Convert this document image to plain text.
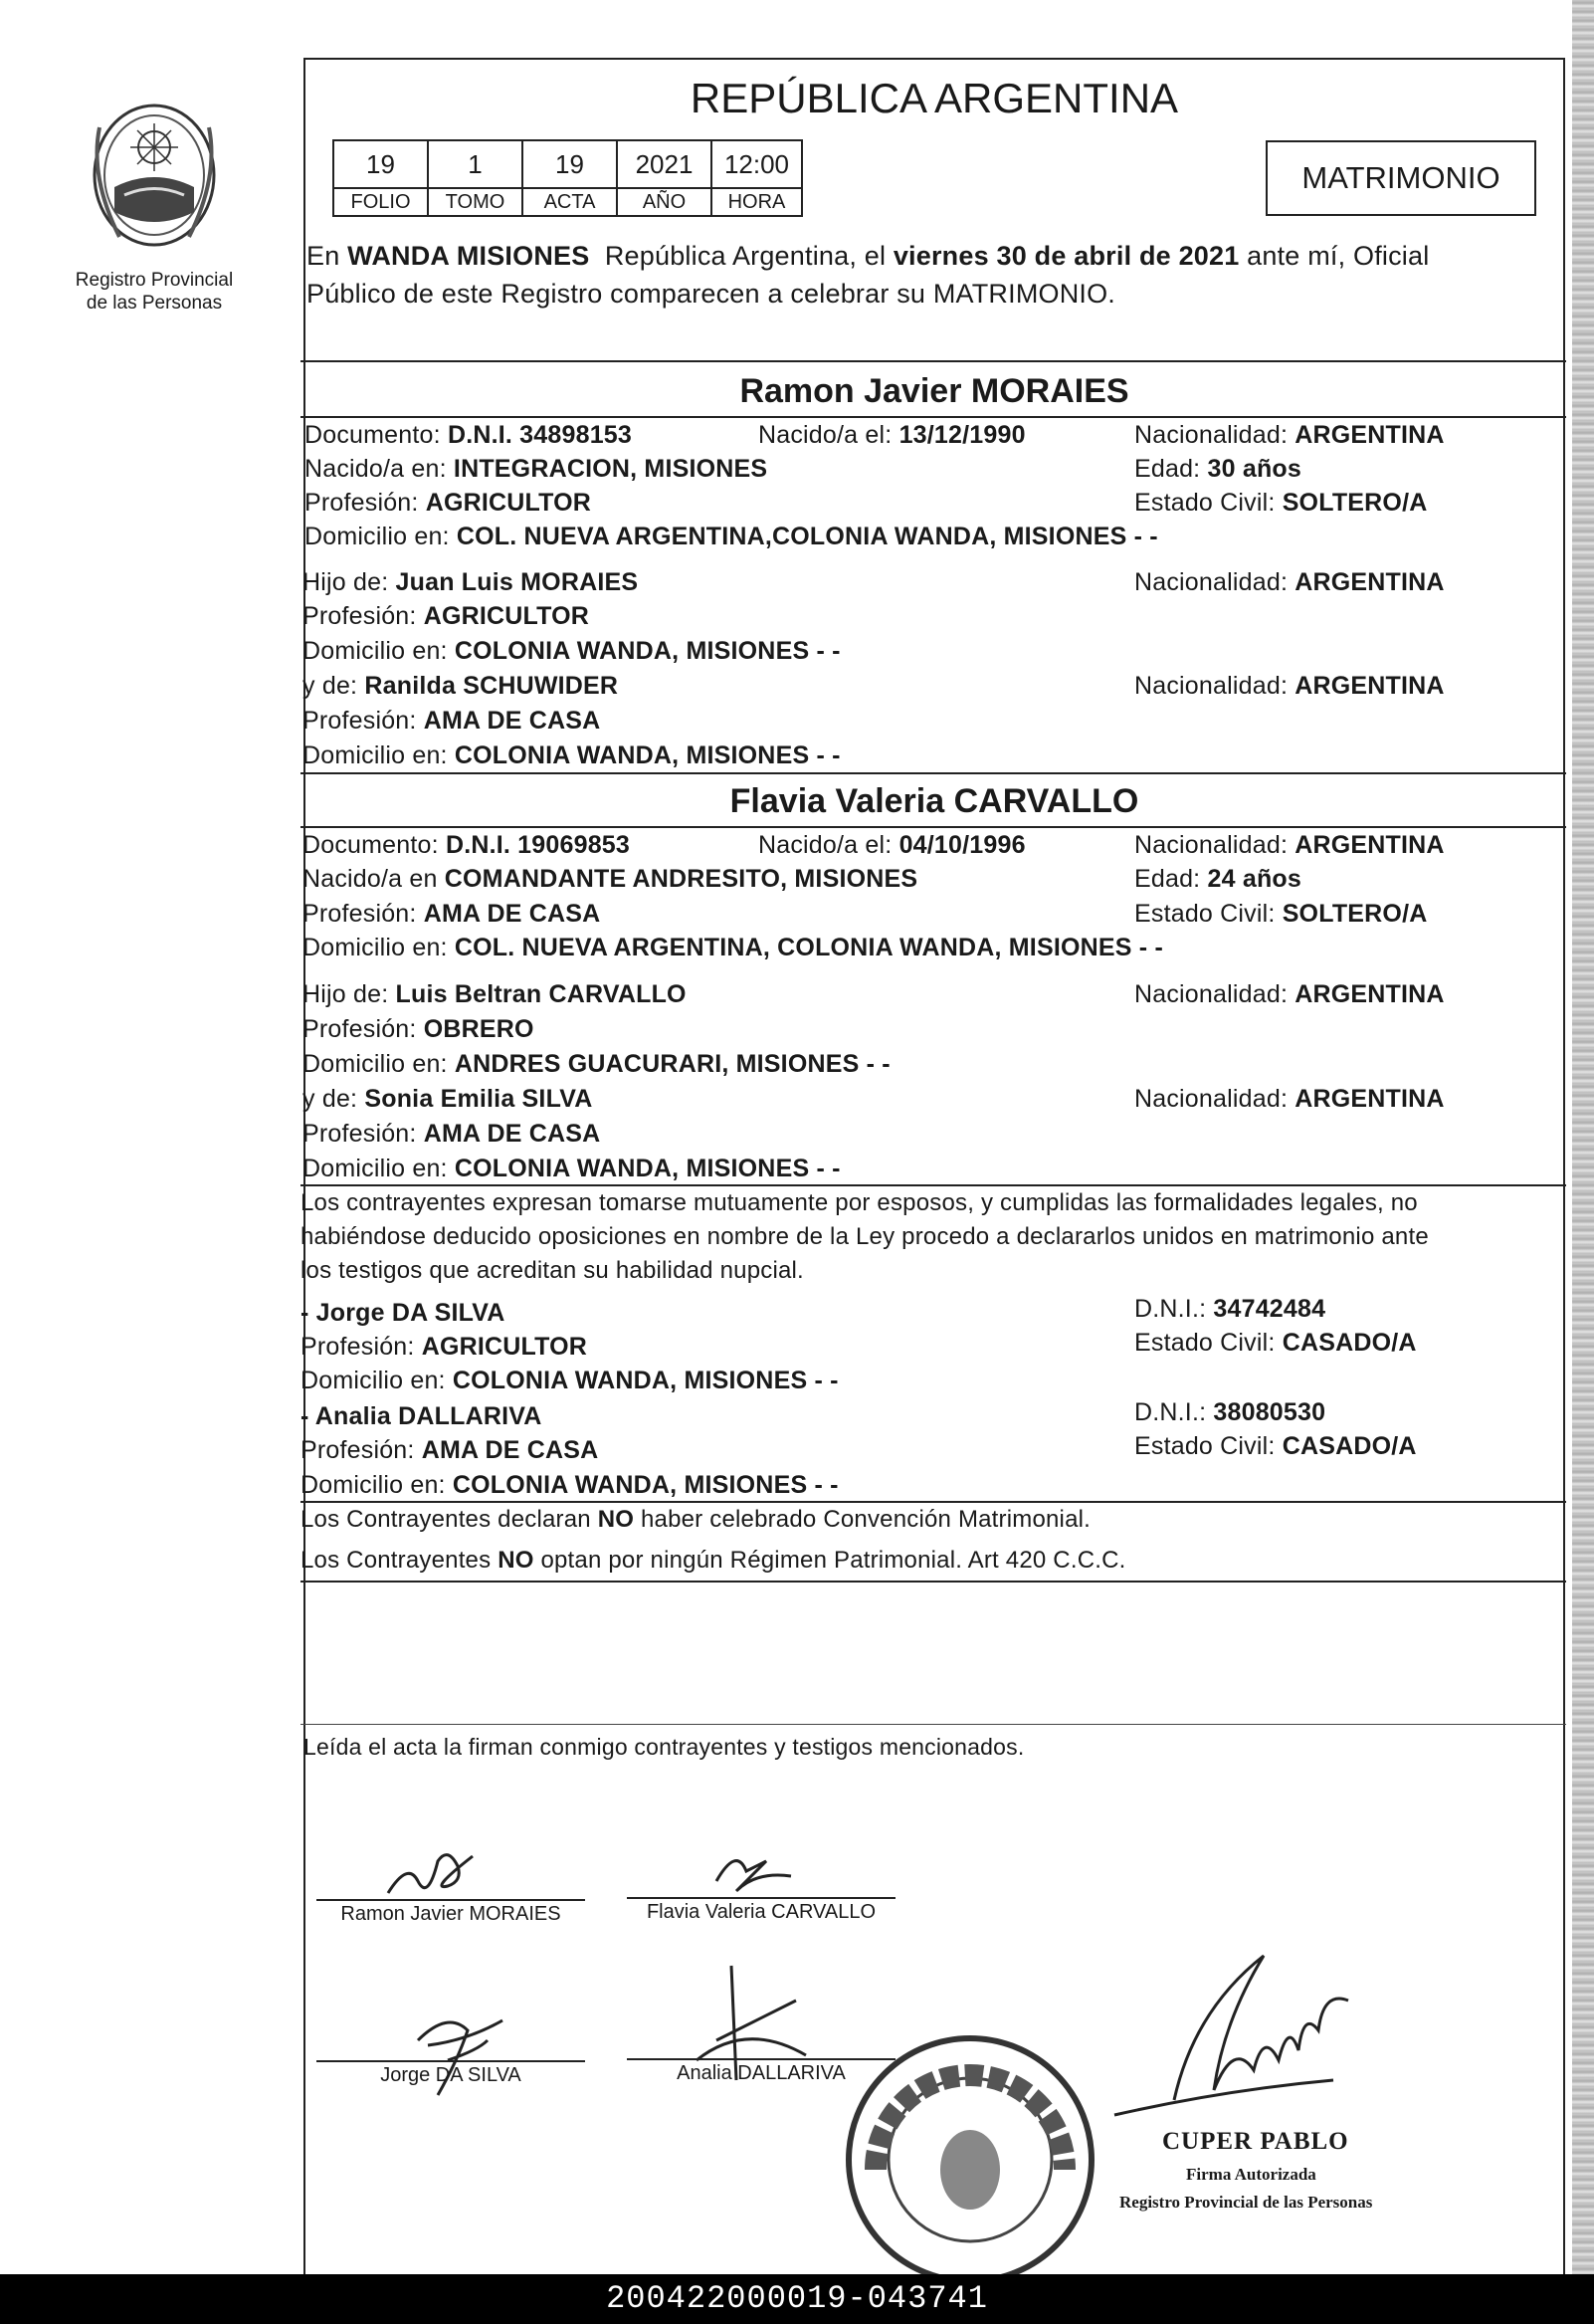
Registro Provincial
de las Personas
REPÚBLICA ARGENTINA
19	1	19	2021	12:00
FOLIO	TOMO	ACTA	AÑO	HORA
MATRIMONIO
En WANDA MISIONES  República Argentina, el viernes 30 de abril de 2021 ante mí, Oficial
Público de este Registro comparecen a celebrar su MATRIMONIO.
Ramon Javier MORAIES
Documento: D.N.I. 34898153	Nacido/a el: 13/12/1990	Nacionalidad: ARGENTINA
Nacido/a en: INTEGRACION, MISIONES	Edad: 30 años
Profesión: AGRICULTOR	Estado Civil: SOLTERO/A
Domicilio en: COL. NUEVA ARGENTINA,COLONIA WANDA, MISIONES - -
Hijo de: Juan Luis MORAIES	Nacionalidad: ARGENTINA
Profesión: AGRICULTOR
Domicilio en: COLONIA WANDA, MISIONES - -
y de: Ranilda SCHUWIDER	Nacionalidad: ARGENTINA
Profesión: AMA DE CASA
Domicilio en: COLONIA WANDA, MISIONES - -
Flavia Valeria CARVALLO
Documento: D.N.I. 19069853	Nacido/a el: 04/10/1996	Nacionalidad: ARGENTINA
Nacido/a en COMANDANTE ANDRESITO, MISIONES	Edad: 24 años
Profesión: AMA DE CASA	Estado Civil: SOLTERO/A
Domicilio en: COL. NUEVA ARGENTINA, COLONIA WANDA, MISIONES - -
Hijo de: Luis Beltran CARVALLO	Nacionalidad: ARGENTINA
Profesión: OBRERO
Domicilio en: ANDRES GUACURARI, MISIONES - -
y de: Sonia Emilia SILVA	Nacionalidad: ARGENTINA
Profesión: AMA DE CASA
Domicilio en: COLONIA WANDA, MISIONES - -
Los contrayentes expresan tomarse mutuamente por esposos, y cumplidas las formalidades legales, no
habiéndose deducido oposiciones en nombre de la Ley procedo a declararlos unidos en matrimonio ante
los testigos que acreditan su habilidad nupcial.
- Jorge DA SILVA	D.N.I.: 34742484
Profesión: AGRICULTOR	Estado Civil: CASADO/A
Domicilio en: COLONIA WANDA, MISIONES - -
- Analia DALLARIVA	D.N.I.: 38080530
Profesión: AMA DE CASA	Estado Civil: CASADO/A
Domicilio en: COLONIA WANDA, MISIONES - -
Los Contrayentes declaran NO haber celebrado Convención Matrimonial.
Los Contrayentes NO optan por ningún Régimen Patrimonial. Art 420 C.C.C.
Leída el acta la firman conmigo contrayentes y testigos mencionados.
Ramon Javier MORAIES	Flavia Valeria CARVALLO
Jorge DA SILVA	Analia DALLARIVA
CUPER PABLO
Firma Autorizada
Registro Provincial de las Personas
200422000019-043741
